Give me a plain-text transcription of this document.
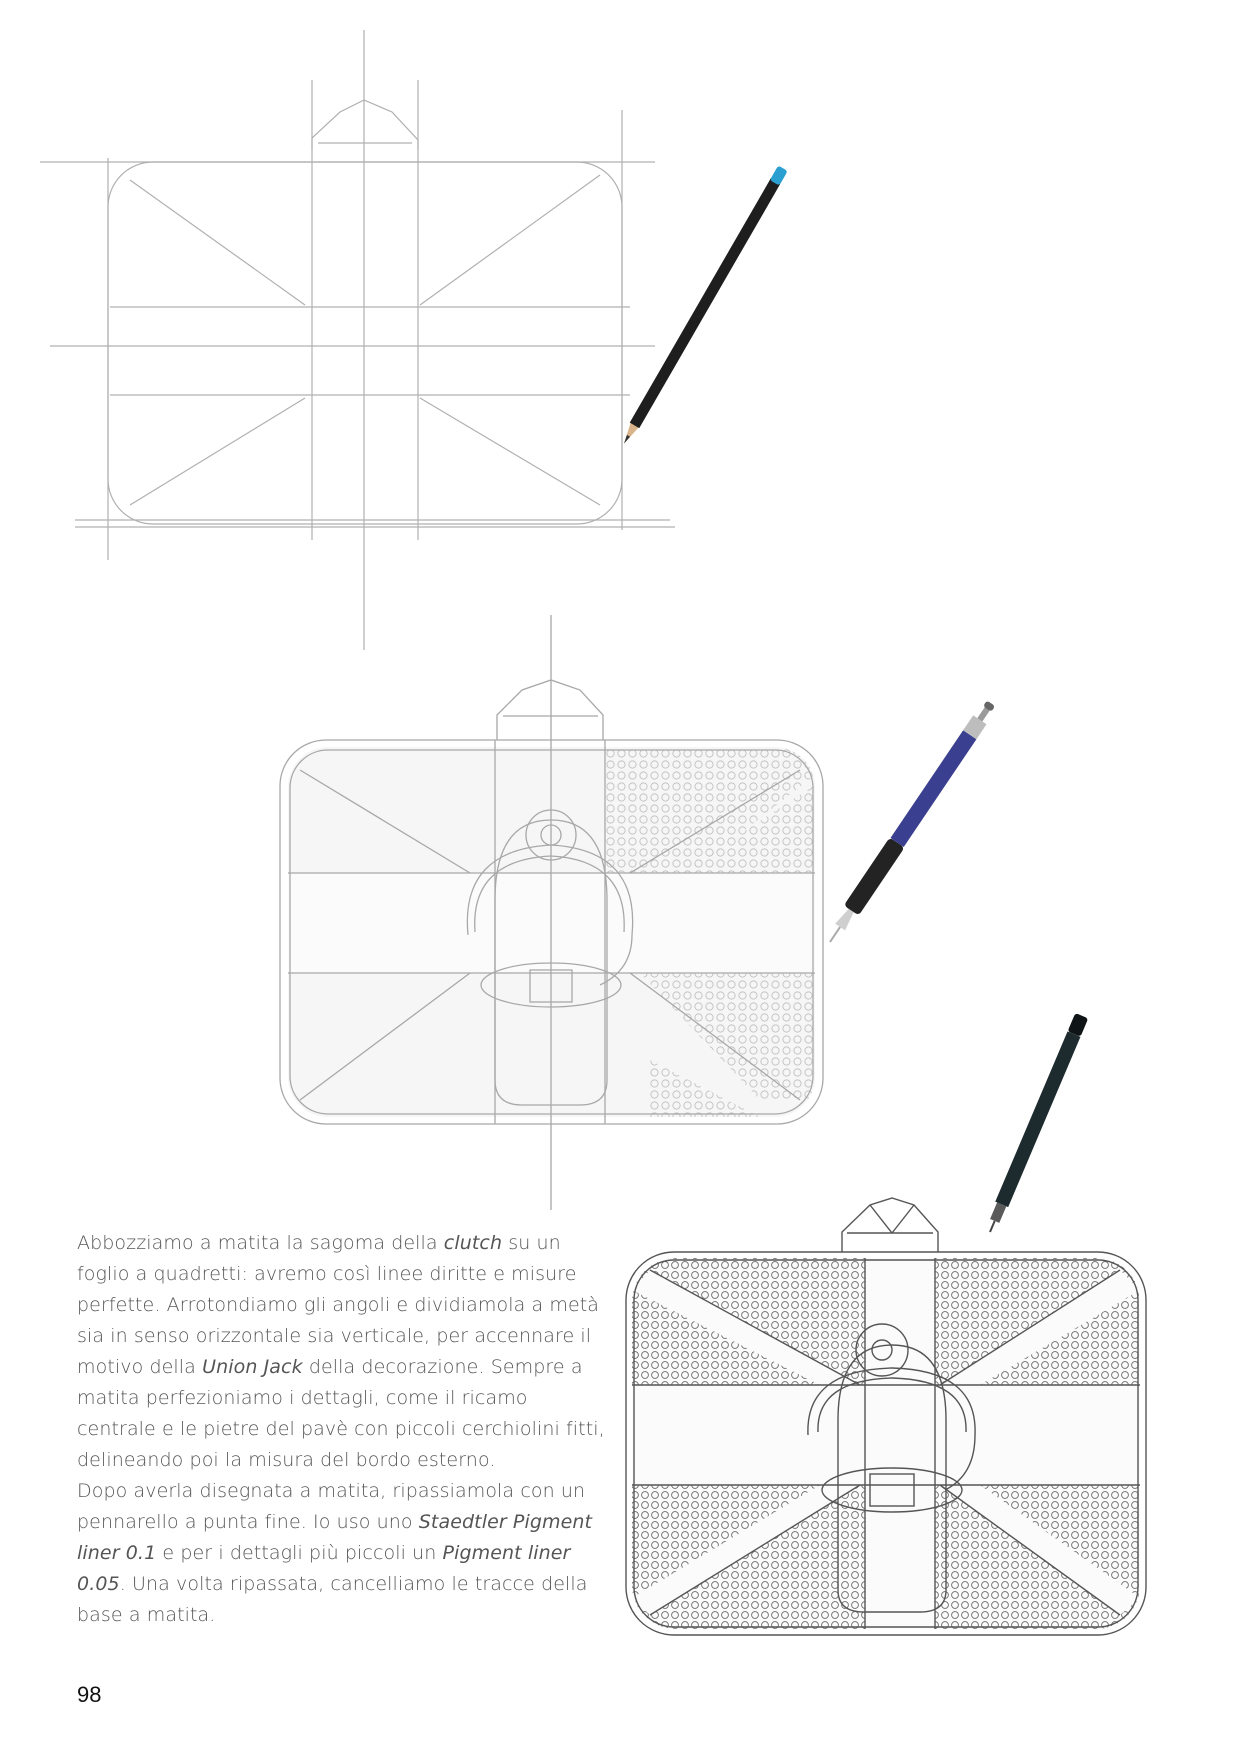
Abbozziamo a matita la sagoma della clutch su un foglio a quadretti: avremo così linee diritte e misure perfette. Arrotondiamo gli angoli e dividiamola a metà sia in senso orizzontale sia verticale, per accennare il motivo della Union Jack della decorazione. Sempre a matita perfezioniamo i dettagli, come il ricamo centrale e le pietre del pavè con piccoli cerchiolini fitti, delineando poi la misura del bordo esterno.

Dopo averla disegnata a matita, ripassiamola con un pennarello a punta fine. Io uso uno Staedtler Pigment liner 0.1 e per i dettagli più piccoli un Pigment liner 0.05. Una volta ripassata, cancelliamo le tracce della base a matita.

98
